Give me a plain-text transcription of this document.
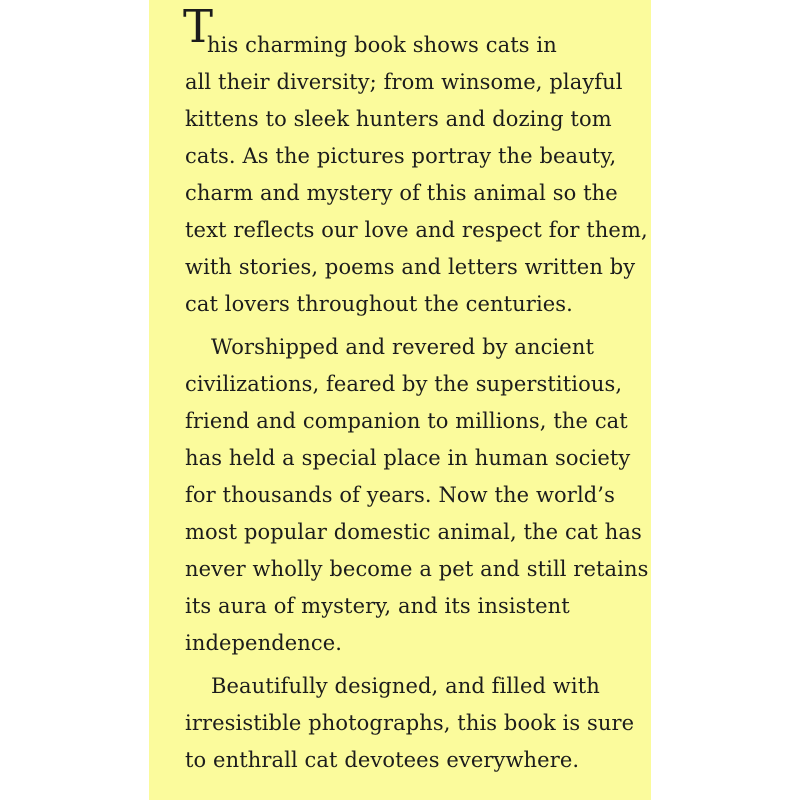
T
his charming book shows cats in
all their diversity; from winsome, playful
kittens to sleek hunters and dozing tom
cats. As the pictures portray the beauty,
charm and mystery of this animal so the
text reflects our love and respect for them,
with stories, poems and letters written by
cat lovers throughout the centuries.
Worshipped and revered by ancient
civilizations, feared by the superstitious,
friend and companion to millions, the cat
has held a special place in human society
for thousands of years. Now the world’s
most popular domestic animal, the cat has
never wholly become a pet and still retains
its aura of mystery, and its insistent
independence.
Beautifully designed, and filled with
irresistible photographs, this book is sure
to enthrall cat devotees everywhere.
